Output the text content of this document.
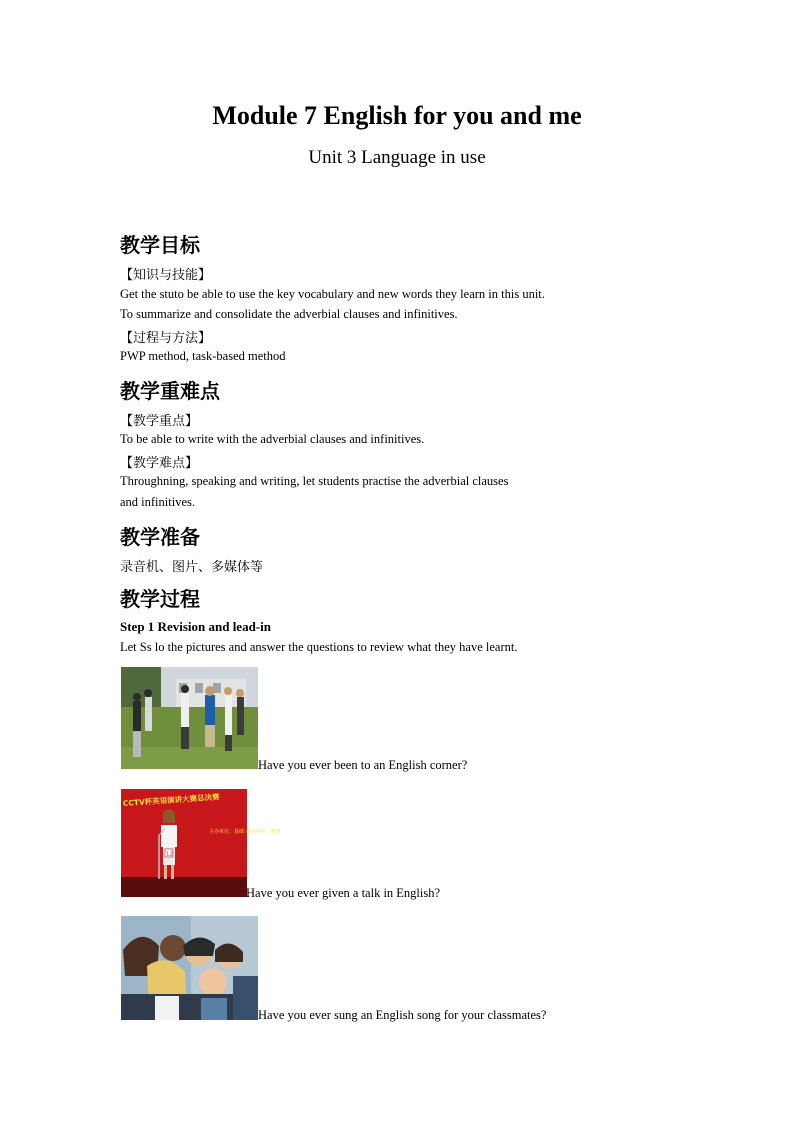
Module 7 English for you and me
Unit 3 Language in use
教学目标
【知识与技能】
Get the stuto be able to use the key vocabulary and new words they learn in this unit.
To summarize and consolidate the adverbial clauses and infinitives.
【过程与方法】
PWP method, task-based method
教学重难点
【教学重点】
To be able to write with the adverbial clauses and infinitives.
【教学难点】
Throughning, speaking and writing, let students practise the adverbial clauses
and infinitives.
教学准备
录音机、图片、多媒体等
教学过程
Step 1 Revision and lead-in
Let Ss lo the pictures and answer the questions to review what they have learnt.
Have you ever been to an English corner?
CCTV杯英语演讲大赛总决赛
主办单位：基础 承办单位：教育
12
Have you ever given a talk in English?
Have you ever sung an English song for your classmates?
